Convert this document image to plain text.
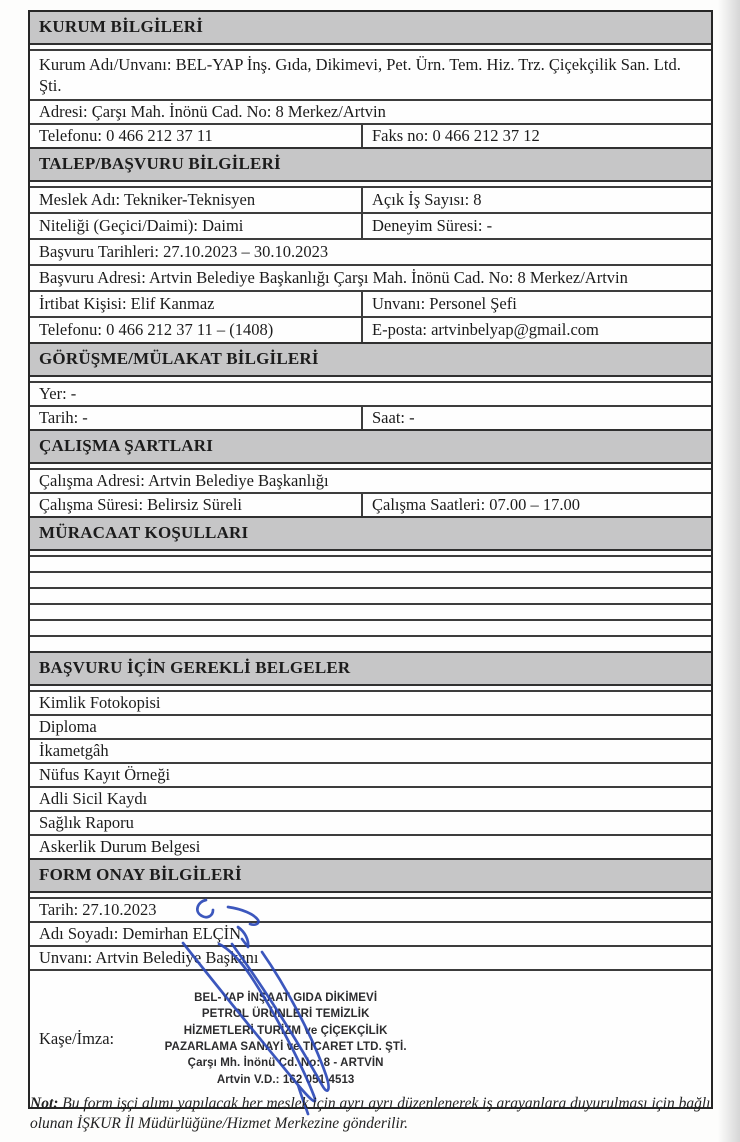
KURUM BİLGİLERİ
Kurum Adı/Unvanı: BEL-YAP İnş. Gıda, Dikimevi, Pet. Ürn. Tem. Hiz. Trz. Çiçekçilik San. Ltd. Şti.
Adresi: Çarşı Mah. İnönü Cad. No: 8 Merkez/Artvin
Telefonu: 0 466 212 37 11	Faks no: 0 466 212 37 12
TALEP/BAŞVURU BİLGİLERİ
Meslek Adı: Tekniker-Teknisyen	Açık İş Sayısı: 8
Niteliği (Geçici/Daimi): Daimi	Deneyim Süresi: -
Başvuru Tarihleri: 27.10.2023 – 30.10.2023
Başvuru Adresi: Artvin Belediye Başkanlığı Çarşı Mah. İnönü Cad. No: 8 Merkez/Artvin
İrtibat Kişisi: Elif Kanmaz	Unvanı: Personel Şefi
Telefonu: 0 466 212 37 11 – (1408)	E-posta: artvinbelyap@gmail.com
GÖRÜŞME/MÜLAKAT BİLGİLERİ
Yer: -
Tarih: -	Saat: -
ÇALIŞMA ŞARTLARI
Çalışma Adresi: Artvin Belediye Başkanlığı
Çalışma Süresi: Belirsiz Süreli	Çalışma Saatleri: 07.00 – 17.00
MÜRACAAT KOŞULLARI
BAŞVURU İÇİN GEREKLİ BELGELER
Kimlik Fotokopisi
Diploma
İkametgâh
Nüfus Kayıt Örneği
Adli Sicil Kaydı
Sağlık Raporu
Askerlik Durum Belgesi
FORM ONAY BİLGİLERİ
Tarih: 27.10.2023
Adı Soyadı: Demirhan ELÇİN
Unvanı: Artvin Belediye Başkanı
Kaşe/İmza:
BEL-YAP İNŞAAT GIDA DİKİMEVİ
PETROL ÜRÜNLERİ TEMİZLİK
HİZMETLERİ TURİZM ve ÇİÇEKÇİLİK
PAZARLAMA SANAYİ ve TİCARET LTD. ŞTİ.
Çarşı Mh. İnönü Cd. No: 8 - ARTVİN
Artvin V.D.: 162 051 4513
Not: Bu form işçi alımı yapılacak her meslek için ayrı ayrı düzenlenerek iş arayanlara duyurulması için bağlı olunan İŞKUR İl Müdürlüğüne/Hizmet Merkezine gönderilir.
